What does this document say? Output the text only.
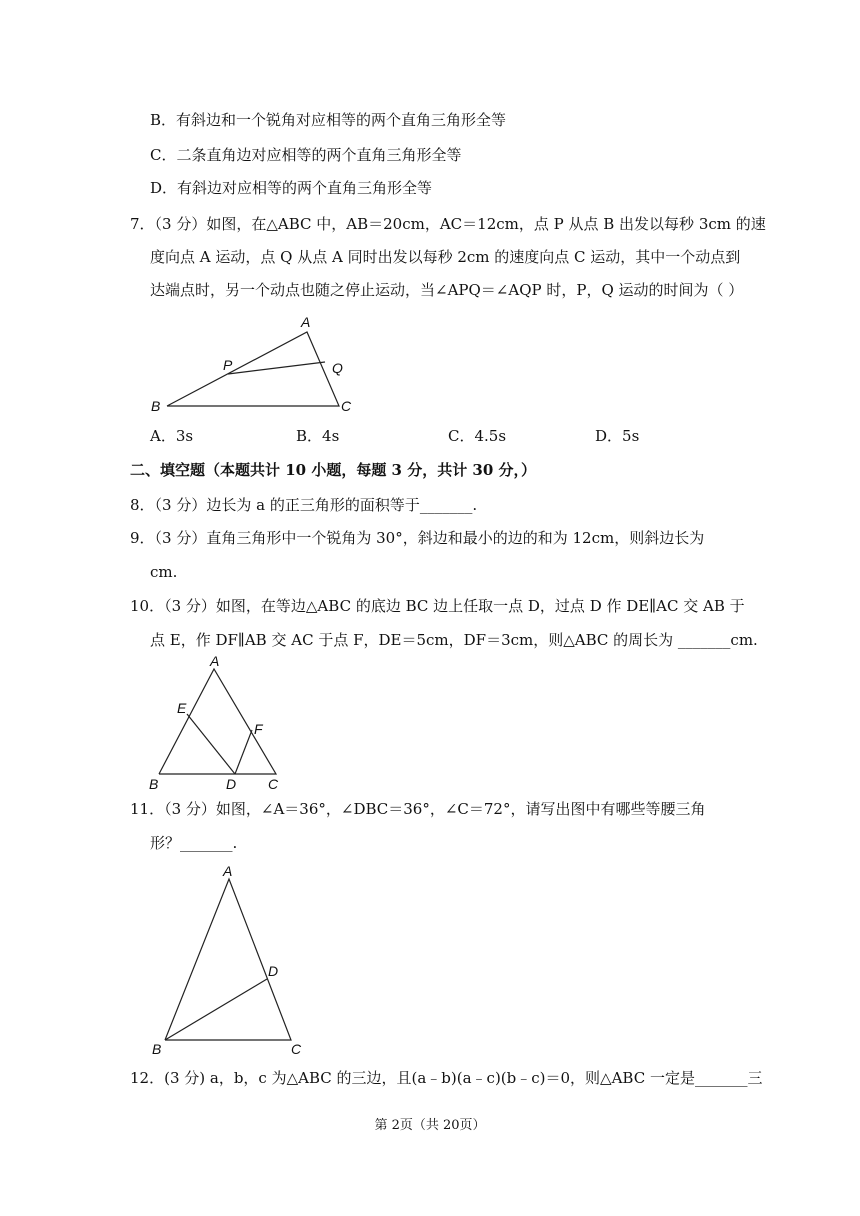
B．有斜边和一个锐角对应相等的两个直角三角形全等
C．二条直角边对应相等的两个直角三角形全等
D．有斜边对应相等的两个直角三角形全等
7．（3 分）如图，在△ABC 中，AB＝20cm，AC＝12cm，点 P 从点 B 出发以每秒 3cm 的速
度向点 A 运动，点 Q 从点 A 同时出发以每秒 2cm 的速度向点 C 运动，其中一个动点到
达端点时，另一个动点也随之停止运动，当∠APQ＝∠AQP 时，P，Q 运动的时间为（ ）
A
B	C
P	Q
A．3s	B．4s	C．4.5s	D．5s
二、填空题（本题共计 10 小题，每题 3 分，共计 30 分，）
8．（3 分）边长为 a 的正三角形的面积等于_______.
9．（3 分）直角三角形中一个锐角为 30°，斜边和最小的边的和为 12cm，则斜边长为
cm.
10．（3 分）如图，在等边△ABC 的底边 BC 边上任取一点 D，过点 D 作 DE∥AC 交 AB 于
点 E，作 DF∥AB 交 AC 于点 F，DE＝5cm，DF＝3cm，则△ABC 的周长为 _______cm.
A
B	C
D
E
F
11．（3 分）如图，∠A＝36°，∠DBC＝36°，∠C＝72°，请写出图中有哪些等腰三角
形？_______.
A
B	C
D
12．(3 分) a，b，c 为△ABC 的三边，且(a﹣b)(a﹣c)(b﹣c)＝0，则△ABC 一定是_______三
第 2页（共 20页）
